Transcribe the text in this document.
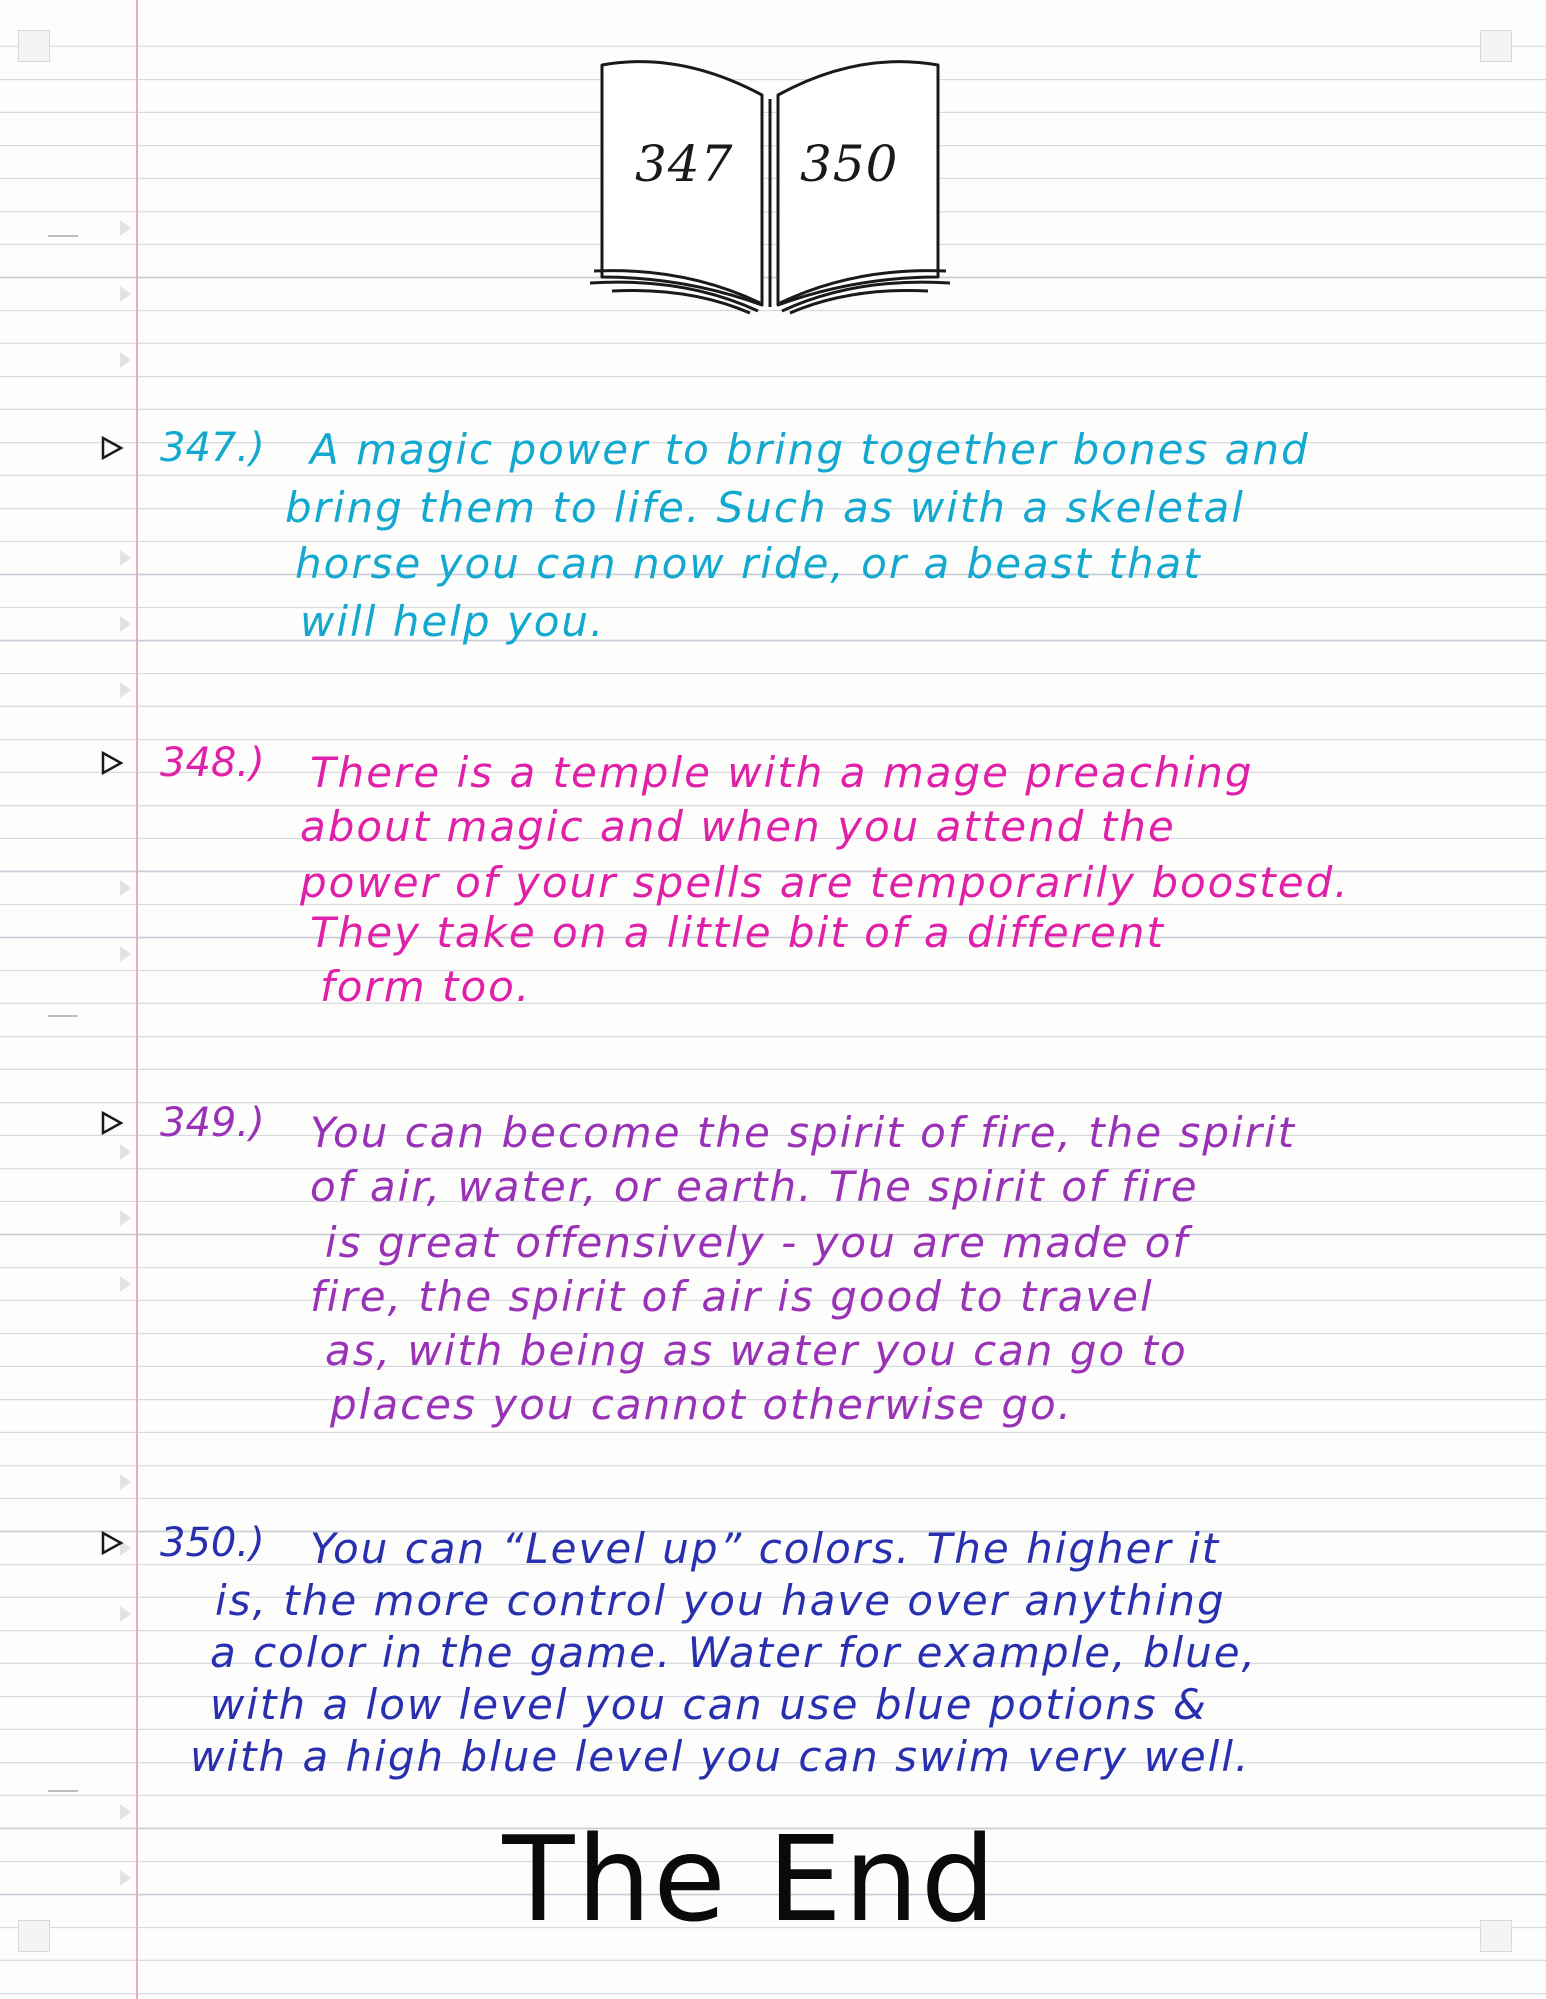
347 350
347.) A magic power to bring together bones and
bring them to life. Such as with a skeletal
horse you can now ride, or a beast that
will help you.
348.) There is a temple with a mage preaching
about magic and when you attend the
power of your spells are temporarily boosted.
They take on a little bit of a different
form too.
349.) You can become the spirit of fire, the spirit
of air, water, or earth. The spirit of fire
is great offensively - you are made of
fire, the spirit of air is good to travel
as, with being as water you can go to
places you cannot otherwise go.
350.) You can “Level up” colors. The higher it
is, the more control you have over anything
a color in the game. Water for example, blue,
with a low level you can use blue potions &
with a high blue level you can swim very well.
The End
